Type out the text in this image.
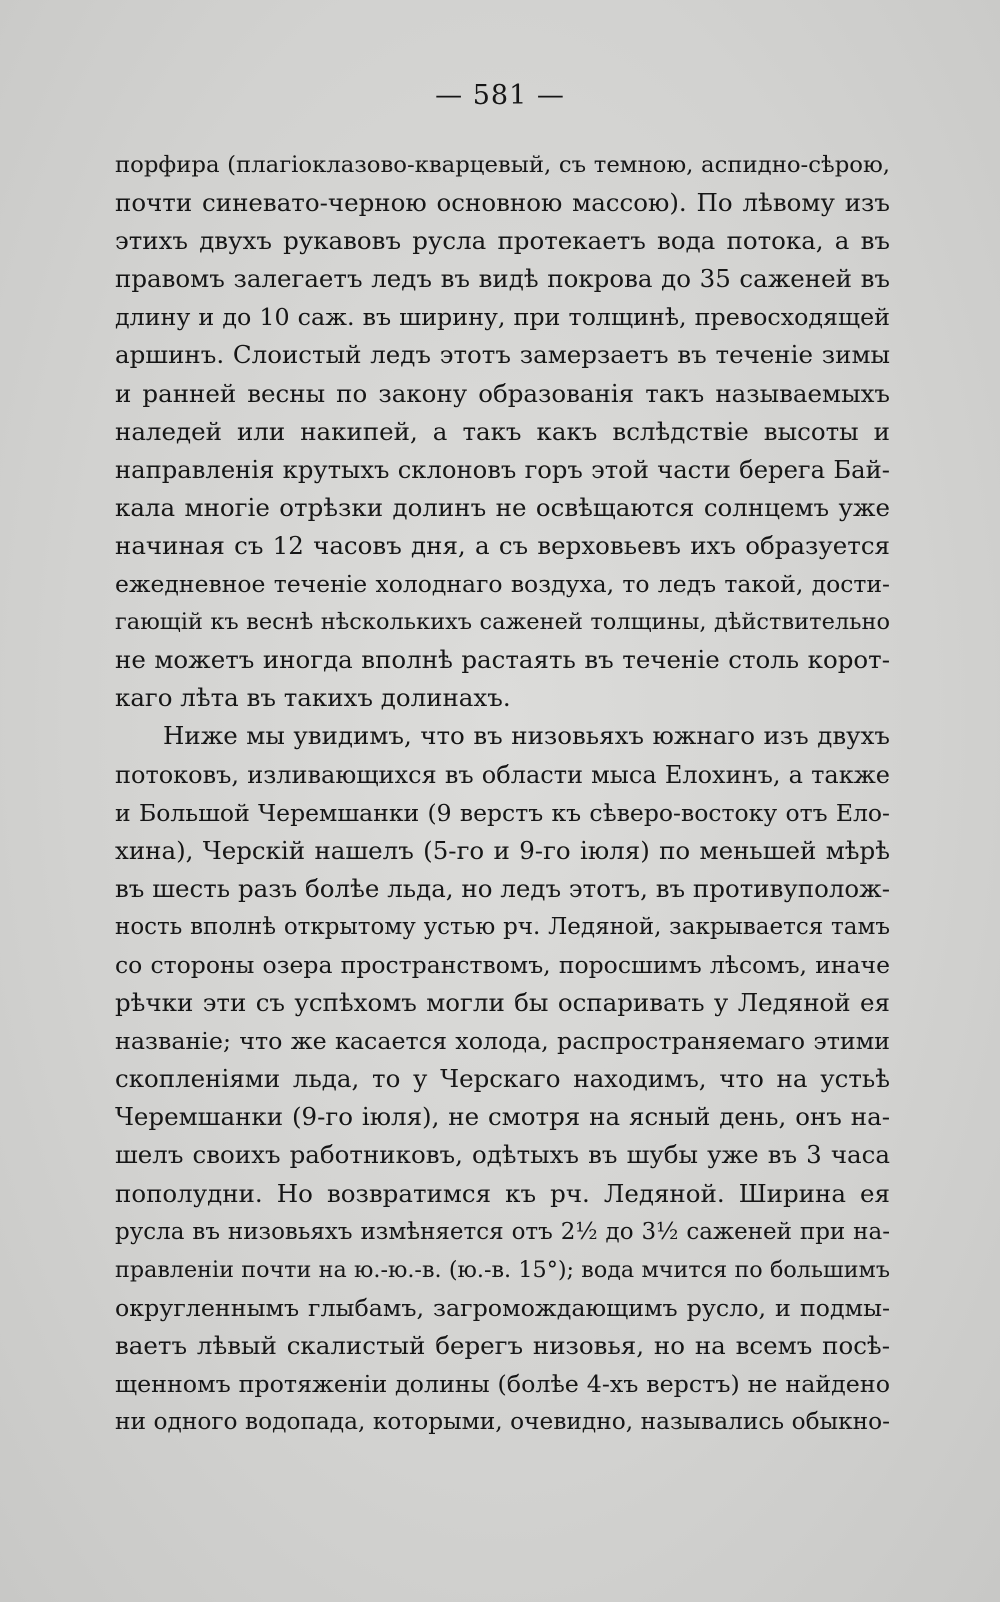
— 581 —
порфира (плагіоклазово-кварцевый, съ темною, аспидно-сѣрою,
почти синевато-черною основною массою). По лѣвому изъ
этихъ двухъ рукавовъ русла протекаетъ вода потока, а въ
правомъ залегаетъ ледъ въ видѣ покрова до 35 саженей въ
длину и до 10 саж. въ ширину, при толщинѣ, превосходящей
аршинъ. Слоистый ледъ этотъ замерзаетъ въ теченіе зимы
и ранней весны по закону образованія такъ называемыхъ
наледей или накипей, а такъ какъ вслѣдствіе высоты и
направленія крутыхъ склоновъ горъ этой части берега Бай-
кала многіе отрѣзки долинъ не освѣщаются солнцемъ уже
начиная съ 12 часовъ дня, а съ верховьевъ ихъ образуется
ежедневное теченіе холоднаго воздуха, то ледъ такой, дости-
гающій къ веснѣ нѣсколькихъ саженей толщины, дѣйствительно
не можетъ иногда вполнѣ растаять въ теченіе столь корот-
каго лѣта въ такихъ долинахъ.
Ниже мы увидимъ, что въ низовьяхъ южнаго изъ двухъ
потоковъ, изливающихся въ области мыса Елохинъ, а также
и Большой Черемшанки (9 верстъ къ сѣверо-востоку отъ Ело-
хина), Черскій нашелъ (5-го и 9-го іюля) по меньшей мѣрѣ
въ шесть разъ болѣе льда, но ледъ этотъ, въ противуполож-
ность вполнѣ открытому устью рч. Ледяной, закрывается тамъ
со стороны озера пространствомъ, поросшимъ лѣсомъ, иначе
рѣчки эти съ успѣхомъ могли бы оспаривать у Ледяной ея
названіе; что же касается холода, распространяемаго этими
скопленіями льда, то у Черскаго находимъ, что на устьѣ
Черемшанки (9-го іюля), не смотря на ясный день, онъ на-
шелъ своихъ работниковъ, одѣтыхъ въ шубы уже въ 3 часа
пополудни. Но возвратимся къ рч. Ледяной. Ширина ея
русла въ низовьяхъ измѣняется отъ 2½ до 3½ саженей при на-
правленіи почти на ю.-ю.-в. (ю.-в. 15°); вода мчится по большимъ
округленнымъ глыбамъ, загромождающимъ русло, и подмы-
ваетъ лѣвый скалистый берегъ низовья, но на всемъ посѣ-
щенномъ протяженіи долины (болѣе 4-хъ верстъ) не найдено
ни одного водопада, которыми, очевидно, назывались обыкно-
